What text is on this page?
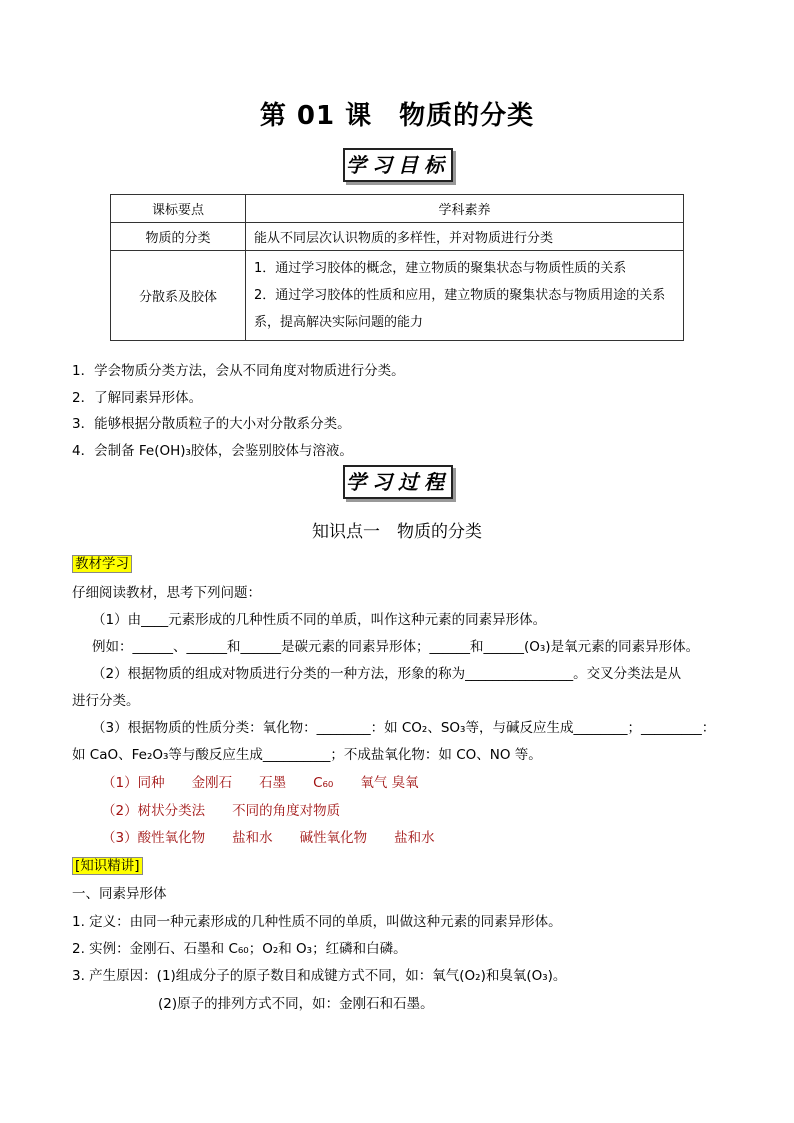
第 01 课　物质的分类
学习目标
课标要点	学科素养
物质的分类	能从不同层次认识物质的多样性，并对物质进行分类
分散系及胶体	1．通过学习胶体的概念，建立物质的聚集状态与物质性质的关系
2．通过学习胶体的性质和应用，建立物质的聚集状态与物质用途的关系
系，提高解决实际问题的能力
1．学会物质分类方法，会从不同角度对物质进行分类。
2．了解同素异形体。
3．能够根据分散质粒子的大小对分散系分类。
4．会制备 Fe(OH)₃胶体，会鉴别胶体与溶液。
学习过程
知识点一　物质的分类
教材学习
仔细阅读教材，思考下列问题：
（1）由____元素形成的几种性质不同的单质，叫作这种元素的同素异形体。
例如：______、______和______是碳元素的同素异形体；______和______(O₃)是氧元素的同素异形体。
（2）根据物质的组成对物质进行分类的一种方法，形象的称为________________。交叉分类法是从
进行分类。
（3）根据物质的性质分类：氧化物：________：如 CO₂、SO₃等，与碱反应生成________；_________：
如 CaO、Fe₂O₃等与酸反应生成__________；不成盐氧化物：如 CO、NO 等。
（1）同种　　金刚石　　石墨　　C₆₀　　氧气 臭氧
（2）树状分类法　　不同的角度对物质
（3）酸性氧化物　　盐和水　　碱性氧化物　　盐和水
[知识精讲]
一、同素异形体
1. 定义：由同一种元素形成的几种性质不同的单质，叫做这种元素的同素异形体。
2. 实例：金刚石、石墨和 C₆₀；O₂和 O₃；红磷和白磷。
3. 产生原因：(1)组成分子的原子数目和成键方式不同，如：氧气(O₂)和臭氧(O₃)。
(2)原子的排列方式不同，如：金刚石和石墨。
